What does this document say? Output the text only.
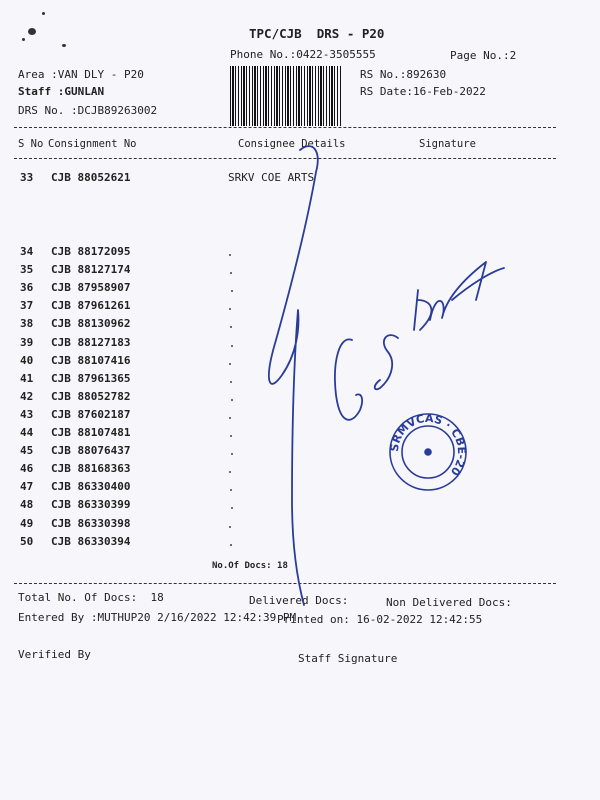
TPC/CJB  DRS - P20
Phone No.:0422-3505555	Page No.:2
Area :VAN DLY - P20
Staff :GUNLAN
DRS No. :DCJB89263002
RS No.:892630
RS Date:16-Feb-2022
S No Consignment No	Consignee Details	Signature
33 CJB 88052621	SRKV COE ARTS
34 CJB 88172095
35 CJB 88127174
36 CJB 87958907
37 CJB 87961261
38 CJB 88130962
39 CJB 88127183
40 CJB 88107416
41 CJB 87961365
42 CJB 88052782
43 CJB 87602187
44 CJB 88107481
45 CJB 88076437
46 CJB 88168363
47 CJB 86330400
48 CJB 86330399
49 CJB 86330398
50 CJB 86330394
No.Of Docs: 18
Total No. Of Docs:  18	Delivered Docs:	Non Delivered Docs:
Entered By :MUTHUP20 2/16/2022 12:42:39 PM
Printed on: 16-02-2022 12:42:55
Verified By	Staff Signature
SRMVCAS · CBE-20
